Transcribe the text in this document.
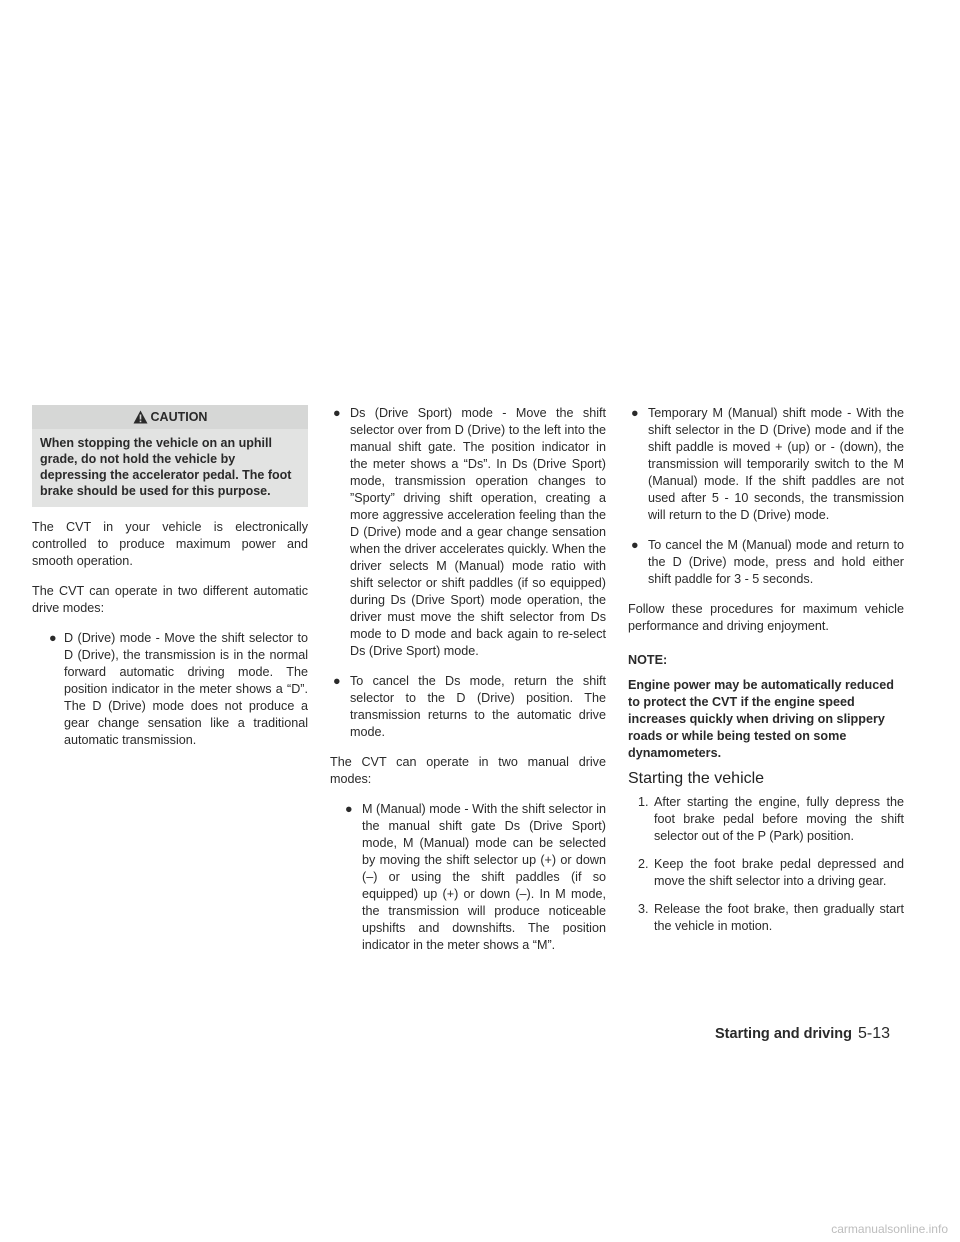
CAUTION
When stopping the vehicle on an uphill grade, do not hold the vehicle by depressing the accelerator pedal. The foot brake should be used for this purpose.

The CVT in your vehicle is electronically controlled to produce maximum power and smooth operation.

The CVT can operate in two different automatic drive modes:

● D (Drive) mode - Move the shift selector to D (Drive), the transmission is in the normal forward automatic driving mode. The position indicator in the meter shows a “D”. The D (Drive) mode does not produce a gear change sensation like a traditional automatic transmission.
● Ds (Drive Sport) mode - Move the shift selector over from D (Drive) to the left into the manual shift gate. The position indicator in the meter shows a “Ds”. In Ds (Drive Sport) mode, transmission operation changes to ”Sporty” driving shift operation, creating a more aggressive acceleration feeling than the D (Drive) mode and a gear change sensation when the driver accelerates quickly. When the driver selects M (Manual) mode ratio with shift selector or shift paddles (if so equipped) during Ds (Drive Sport) mode operation, the driver must move the shift selector from Ds mode to D mode and back again to re-select Ds (Drive Sport) mode.
● To cancel the Ds mode, return the shift selector to the D (Drive) position. The transmission returns to the automatic drive mode.

The CVT can operate in two manual drive modes:

● M (Manual) mode - With the shift selector in the manual shift gate Ds (Drive Sport) mode, M (Manual) mode can be selected by moving the shift selector up (+) or down (–) or using the shift paddles (if so equipped) up (+) or down (–). In M mode, the transmission will produce noticeable upshifts and downshifts. The position indicator in the meter shows a “M”.
● Temporary M (Manual) shift mode - With the shift selector in the D (Drive) mode and if the shift paddle is moved + (up) or - (down), the transmission will temporarily switch to the M (Manual) mode. If the shift paddles are not used after 5 - 10 seconds, the transmission will return to the D (Drive) mode.
● To cancel the M (Manual) mode and return to the D (Drive) mode, press and hold either shift paddle for 3 - 5 seconds.

Follow these procedures for maximum vehicle performance and driving enjoyment.

NOTE:
Engine power may be automatically reduced to protect the CVT if the engine speed increases quickly when driving on slippery roads or while being tested on some dynamometers.
Starting the vehicle
1. After starting the engine, fully depress the foot brake pedal before moving the shift selector out of the P (Park) position.
2. Keep the foot brake pedal depressed and move the shift selector into a driving gear.
3. Release the foot brake, then gradually start the vehicle in motion.
Starting and driving 5-13
carmanualsonline.info
